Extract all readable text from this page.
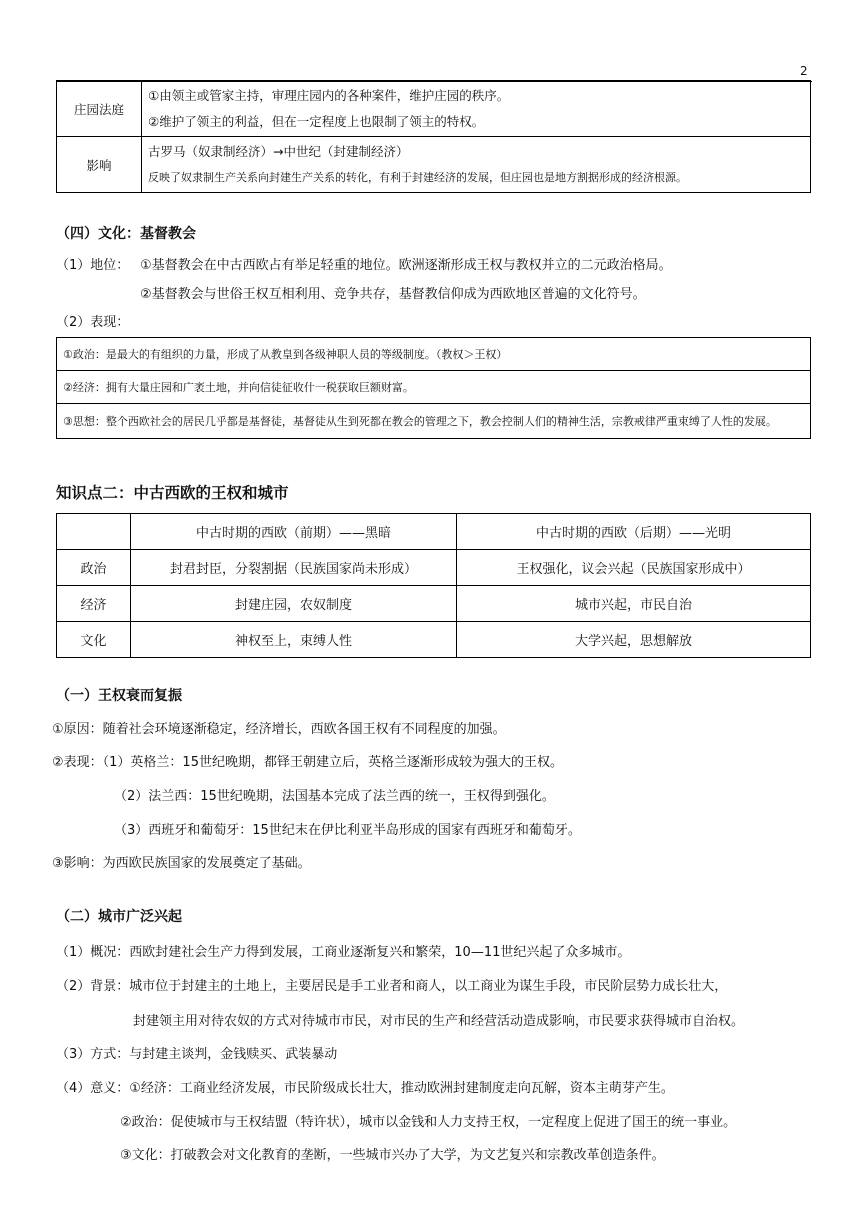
2
庄园法庭	①由领主或管家主持，审理庄园内的各种案件，维护庄园的秩序。
②维护了领主的利益，但在一定程度上也限制了领主的特权。

影响	古罗马（奴隶制经济）→中世纪（封建制经济）
反映了奴隶制生产关系向封建生产关系的转化，有利于封建经济的发展，但庄园也是地方割据形成的经济根源。
（四）文化：基督教会
（1）地位： ①基督教会在中古西欧占有举足轻重的地位。欧洲逐渐形成王权与教权并立的二元政治格局。
②基督教会与世俗王权互相利用、竞争共存，基督教信仰成为西欧地区普遍的文化符号。
（2）表现：
①政治：是最大的有组织的力量，形成了从教皇到各级神职人员的等级制度。（教权＞王权）
②经济：拥有大量庄园和广袤土地，并向信徒征收什一税获取巨额财富。
③思想：整个西欧社会的居民几乎都是基督徒，基督徒从生到死都在教会的管理之下，教会控制人们的精神生活，宗教戒律严重束缚了人性的发展。
知识点二：中古西欧的王权和城市
	中古时期的西欧（前期）——黑暗	中古时期的西欧（后期）——光明
政治	封君封臣，分裂割据（民族国家尚未形成）	王权强化，议会兴起（民族国家形成中）
经济	封建庄园，农奴制度	城市兴起，市民自治
文化	神权至上，束缚人性	大学兴起，思想解放
（一）王权衰而复振
①原因：随着社会环境逐渐稳定，经济增长，西欧各国王权有不同程度的加强。
②表现：（1）英格兰：15世纪晚期，都铎王朝建立后，英格兰逐渐形成较为强大的王权。
（2）法兰西：15世纪晚期，法国基本完成了法兰西的统一，王权得到强化。
（3）西班牙和葡萄牙：15世纪末在伊比利亚半岛形成的国家有西班牙和葡萄牙。
③影响：为西欧民族国家的发展奠定了基础。
（二）城市广泛兴起
（1）概况：西欧封建社会生产力得到发展，工商业逐渐复兴和繁荣，10—11世纪兴起了众多城市。
（2）背景：城市位于封建主的土地上，主要居民是手工业者和商人，以工商业为谋生手段，市民阶层势力成长壮大，
封建领主用对待农奴的方式对待城市市民，对市民的生产和经营活动造成影响，市民要求获得城市自治权。
（3）方式：与封建主谈判，金钱赎买、武装暴动
（4）意义：①经济：工商业经济发展，市民阶级成长壮大，推动欧洲封建制度走向瓦解，资本主萌芽产生。
②政治：促使城市与王权结盟（特许状），城市以金钱和人力支持王权，一定程度上促进了国王的统一事业。
③文化：打破教会对文化教育的垄断，一些城市兴办了大学，为文艺复兴和宗教改革创造条件。
